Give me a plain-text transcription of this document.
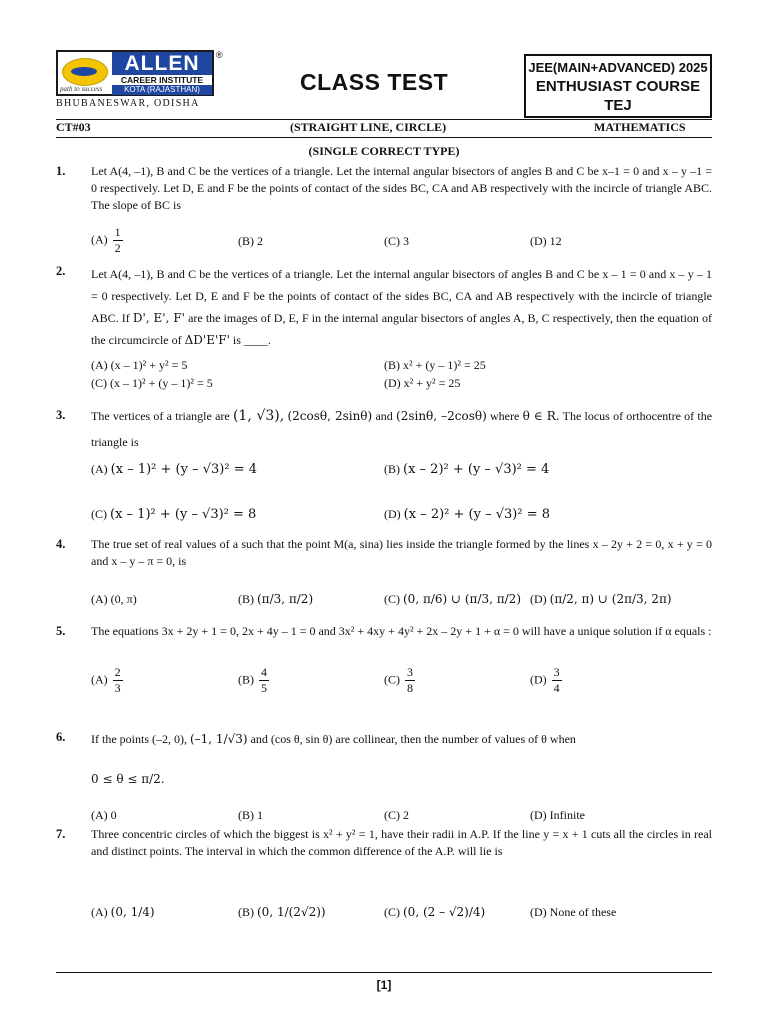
ALLEN
CAREER INSTITUTE
KOTA (RAJASTHAN)
path to success
®
BHUBANESWAR, ODISHA
CLASS TEST
JEE(MAIN+ADVANCED) 2025
ENTHUSIAST COURSE
TEJ
CT#03	(STRAIGHT LINE, CIRCLE)	MATHEMATICS
(SINGLE CORRECT TYPE)
1. Let A(4, –1), B and C be the vertices of a triangle. Let the internal angular bisectors of angles B and C be x–1 = 0 and x – y –1 = 0 respectively. Let D, E and F be the points of contact of the sides BC, CA and AB respectively with the incircle of triangle ABC. The slope of BC is
$(A) \frac{1}{2}$	(B) 2	(C) 3	(D) 12
2. Let A(4, –1), B and C be the vertices of a triangle. Let the internal angular bisectors of angles B and C be x – 1 = 0 and x – y – 1 = 0 respectively. Let D, E and F be the points of contact of the sides BC, CA and AB respectively with the incircle of triangle ABC. If D', E', F' are the images of D, E, F in the internal angular bisectors of angles A, B, C respectively, then the equation of the circumcircle of ΔD'E'F' is ____.
(A) (x – 1)² + y² = 5	(B) x² + (y – 1)² = 25
(C) (x – 1)² + (y – 1)² = 5	(D) x² + y² = 25
3. The vertices of a triangle are (1, √3), (2cosθ, 2sinθ) and (2sinθ, –2cosθ) where θ ∈ R. The locus of orthocentre of the triangle is
(A) (x – 1)² + (y – √3)² = 4	(B) (x – 2)² + (y – √3)² = 4
(C) (x – 1)² + (y – √3)² = 8	(D) (x – 2)² + (y – √3)² = 8
4. The true set of real values of a such that the point M(a, sina) lies inside the triangle formed by the lines x – 2y + 2 = 0, x + y = 0 and x – y – π = 0, is
(A) (0, π)	(B) (π/3, π/2)	(C) (0, π/6) ∪ (π/3, π/2) (D) (π/2, π) ∪ (2π/3, 2π)
5. The equations 3x + 2y + 1 = 0, 2x + 4y – 1 = 0 and 3x² + 4xy + 4y² + 2x – 2y + 1 + α = 0 will have a unique solution if α equals :
$(A) \frac{2}{3}$	$(B) \frac{4}{5}$	$(C) \frac{3}{8}$	$(D) \frac{3}{4}$
6. If the points (–2, 0), (–1, 1/√3) and (cos θ, sin θ) are collinear, then the number of values of θ when
0 ≤ θ ≤ π/2.
(A) 0	(B) 1	(C) 2	(D) Infinite
7. Three concentric circles of which the biggest is x² + y² = 1, have their radii in A.P. If the line y = x + 1 cuts all the circles in real and distinct points. The interval in which the common difference of the A.P. will lie is
(A) (0, 1/4)	(B) (0, 1/(2√2))	(C) (0, (2 – √2)/4)	(D) None of these
[1]
